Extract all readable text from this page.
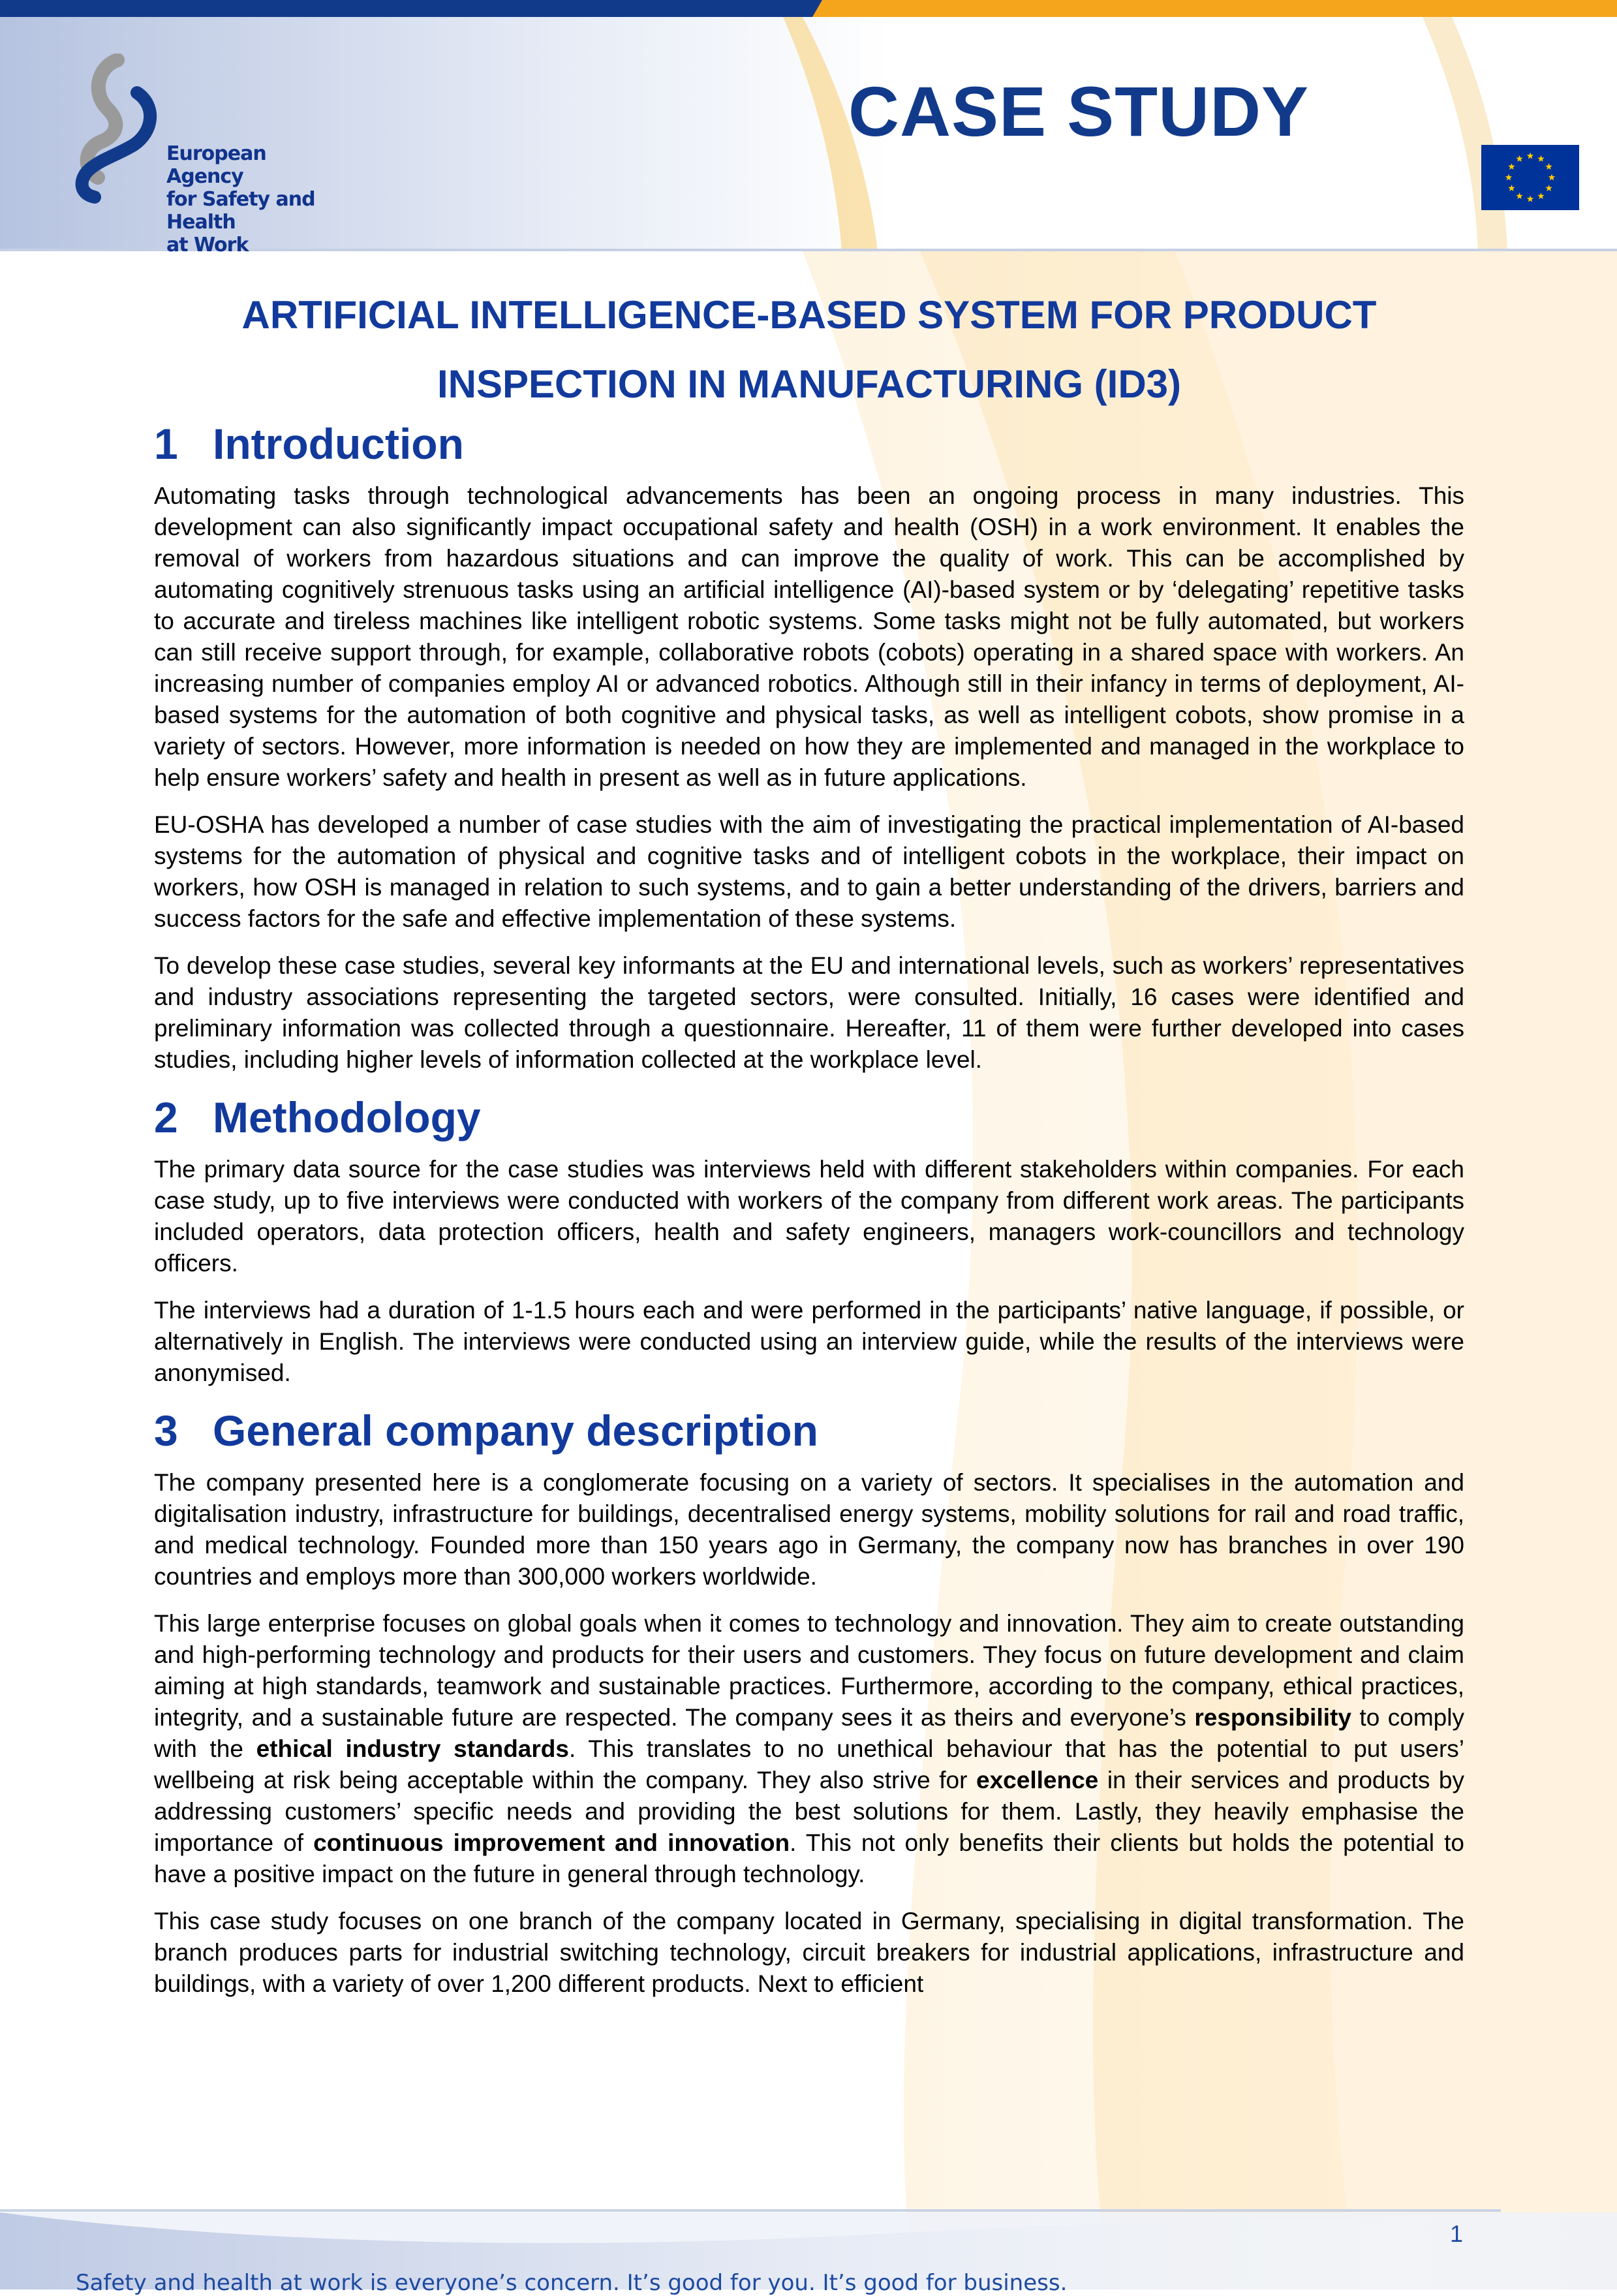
European Agency
for Safety and Health
at Work
CASE STUDY
ARTIFICIAL INTELLIGENCE-BASED SYSTEM FOR PRODUCT
INSPECTION IN MANUFACTURING (ID3)
1 Introduction

Automating tasks through technological advancements has been an ongoing process in many industries. This development can also significantly impact occupational safety and health (OSH) in a work environment. It enables the removal of workers from hazardous situations and can improve the quality of work. This can be accomplished by automating cognitively strenuous tasks using an artificial intelligence (AI)-based system or by ‘delegating’ repetitive tasks to accurate and tireless machines like intelligent robotic systems. Some tasks might not be fully automated, but workers can still receive support through, for example, collaborative robots (cobots) operating in a shared space with workers. An increasing number of companies employ AI or advanced robotics. Although still in their infancy in terms of deployment, AI-based systems for the automation of both cognitive and physical tasks, as well as intelligent cobots, show promise in a variety of sectors. However, more information is needed on how they are implemented and managed in the workplace to help ensure workers’ safety and health in present as well as in future applications.

EU-OSHA has developed a number of case studies with the aim of investigating the practical implementation of AI-based systems for the automation of physical and cognitive tasks and of intelligent cobots in the workplace, their impact on workers, how OSH is managed in relation to such systems, and to gain a better understanding of the drivers, barriers and success factors for the safe and effective implementation of these systems.

To develop these case studies, several key informants at the EU and international levels, such as workers’ representatives and industry associations representing the targeted sectors, were consulted. Initially, 16 cases were identified and preliminary information was collected through a questionnaire. Hereafter, 11 of them were further developed into cases studies, including higher levels of information collected at the workplace level.

2 Methodology

The primary data source for the case studies was interviews held with different stakeholders within companies. For each case study, up to five interviews were conducted with workers of the company from different work areas. The participants included operators, data protection officers, health and safety engineers, managers work-councillors and technology officers.

The interviews had a duration of 1-1.5 hours each and were performed in the participants’ native language, if possible, or alternatively in English. The interviews were conducted using an interview guide, while the results of the interviews were anonymised.

3 General company description

The company presented here is a conglomerate focusing on a variety of sectors. It specialises in the automation and digitalisation industry, infrastructure for buildings, decentralised energy systems, mobility solutions for rail and road traffic, and medical technology. Founded more than 150 years ago in Germany, the company now has branches in over 190 countries and employs more than 300,000 workers worldwide.

This large enterprise focuses on global goals when it comes to technology and innovation. They aim to create outstanding and high-performing technology and products for their users and customers. They focus on future development and claim aiming at high standards, teamwork and sustainable practices. Furthermore, according to the company, ethical practices, integrity, and a sustainable future are respected. The company sees it as theirs and everyone’s responsibility to comply with the ethical industry standards. This translates to no unethical behaviour that has the potential to put users’ wellbeing at risk being acceptable within the company. They also strive for excellence in their services and products by addressing customers’ specific needs and providing the best solutions for them. Lastly, they heavily emphasise the importance of continuous improvement and innovation. This not only benefits their clients but holds the potential to have a positive impact on the future in general through technology.

This case study focuses on one branch of the company located in Germany, specialising in digital transformation. The branch produces parts for industrial switching technology, circuit breakers for industrial applications, infrastructure and buildings, with a variety of over 1,200 different products. Next to efficient

1
Safety and health at work is everyone’s concern. It’s good for you. It’s good for business.
